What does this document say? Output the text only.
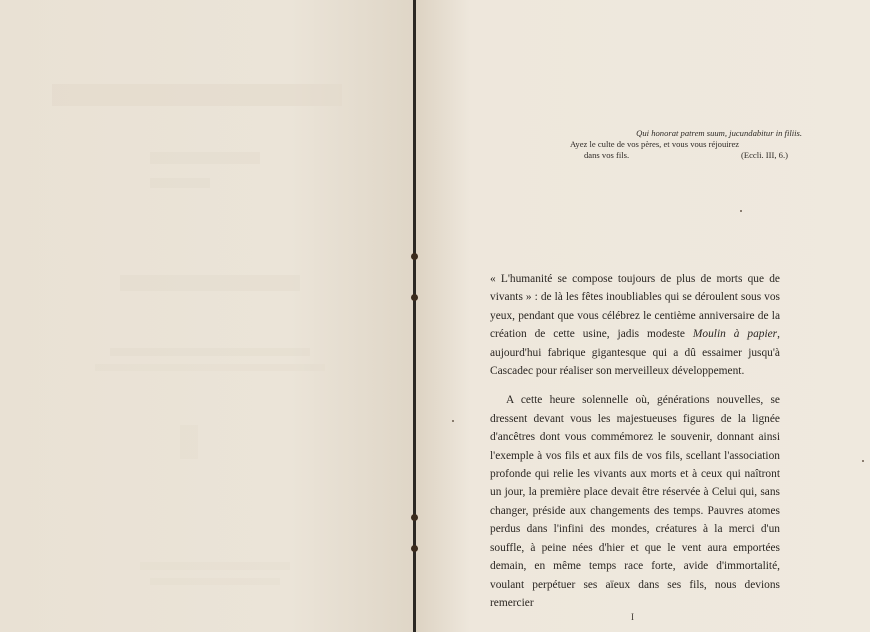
Qui honorat patrem suum, jucundabitur in filiis.
Ayez le culte de vos pères, et vous vous réjouirez
dans vos fils.	(Eccli. III, 6.)

« L'humanité se compose toujours de plus de morts que de vivants » : de là les fêtes inoubliables qui se déroulent sous vos yeux, pendant que vous célébrez le centième anniversaire de la création de cette usine, jadis modeste Moulin à papier, aujourd'hui fabrique gigantesque qui a dû essaimer jusqu'à Cascadec pour réaliser son merveilleux développement.

A cette heure solennelle où, générations nouvelles, se dressent devant vous les majestueuses figures de la lignée d'ancêtres dont vous commémorez le souvenir, donnant ainsi l'exemple à vos fils et aux fils de vos fils, scellant l'association profonde qui relie les vivants aux morts et à ceux qui naîtront un jour, la première place devait être réservée à Celui qui, sans changer, préside aux changements des temps. Pauvres atomes perdus dans l'infini des mondes, créatures à la merci d'un souffle, à peine nées d'hier et que le vent aura emportées demain, en même temps race forte, avide d'immortalité, voulant perpétuer ses aïeux dans ses fils, nous devions remercier

I
